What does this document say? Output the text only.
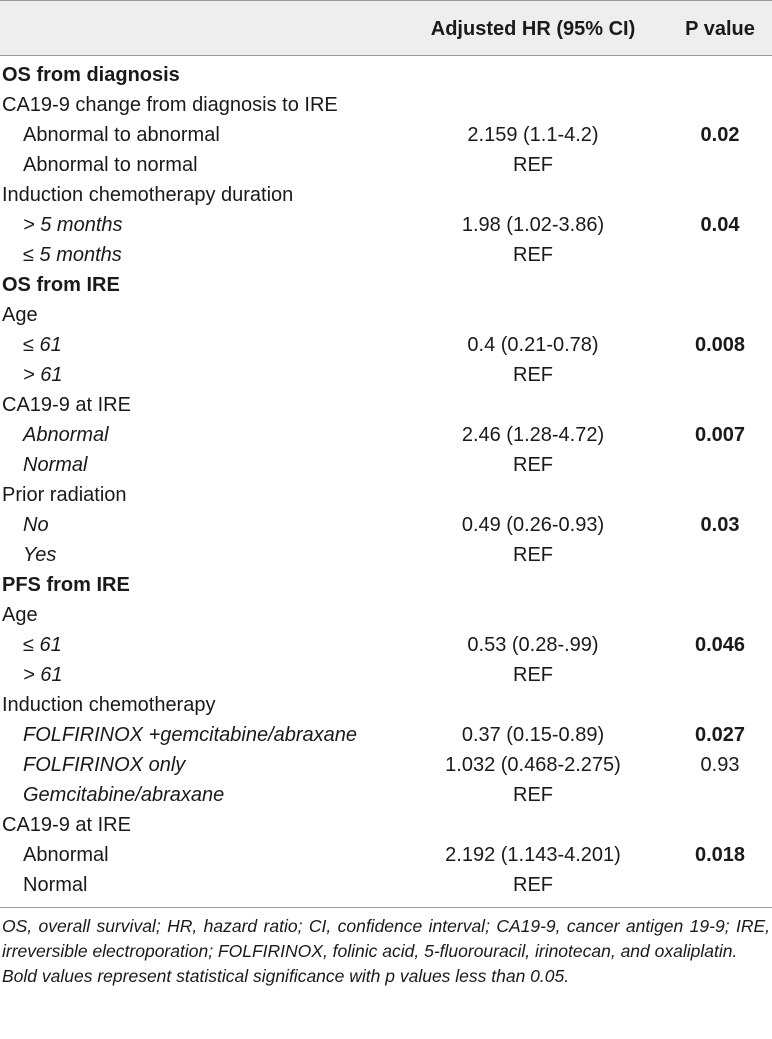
Adjusted HR (95% CI)	P value
OS from diagnosis
CA19-9 change from diagnosis to IRE
Abnormal to abnormal	2.159 (1.1-4.2)	0.02
Abnormal to normal	REF
Induction chemotherapy duration
> 5 months	1.98 (1.02-3.86)	0.04
≤ 5 months	REF
OS from IRE
Age
≤ 61	0.4 (0.21-0.78)	0.008
> 61	REF
CA19-9 at IRE
Abnormal	2.46 (1.28-4.72)	0.007
Normal	REF
Prior radiation
No	0.49 (0.26-0.93)	0.03
Yes	REF
PFS from IRE
Age
≤ 61	0.53 (0.28-.99)	0.046
> 61	REF
Induction chemotherapy
FOLFIRINOX +gemcitabine/abraxane	0.37 (0.15-0.89)	0.027
FOLFIRINOX only	1.032 (0.468-2.275)	0.93
Gemcitabine/abraxane	REF
CA19-9 at IRE
Abnormal	2.192 (1.143-4.201)	0.018
Normal	REF

OS, overall survival; HR, hazard ratio; CI, confidence interval; CA19-9, cancer antigen 19-9; IRE, irreversible electroporation; FOLFIRINOX, folinic acid, 5-fluorouracil, irinotecan, and oxaliplatin.

Bold values represent statistical significance with p values less than 0.05.
